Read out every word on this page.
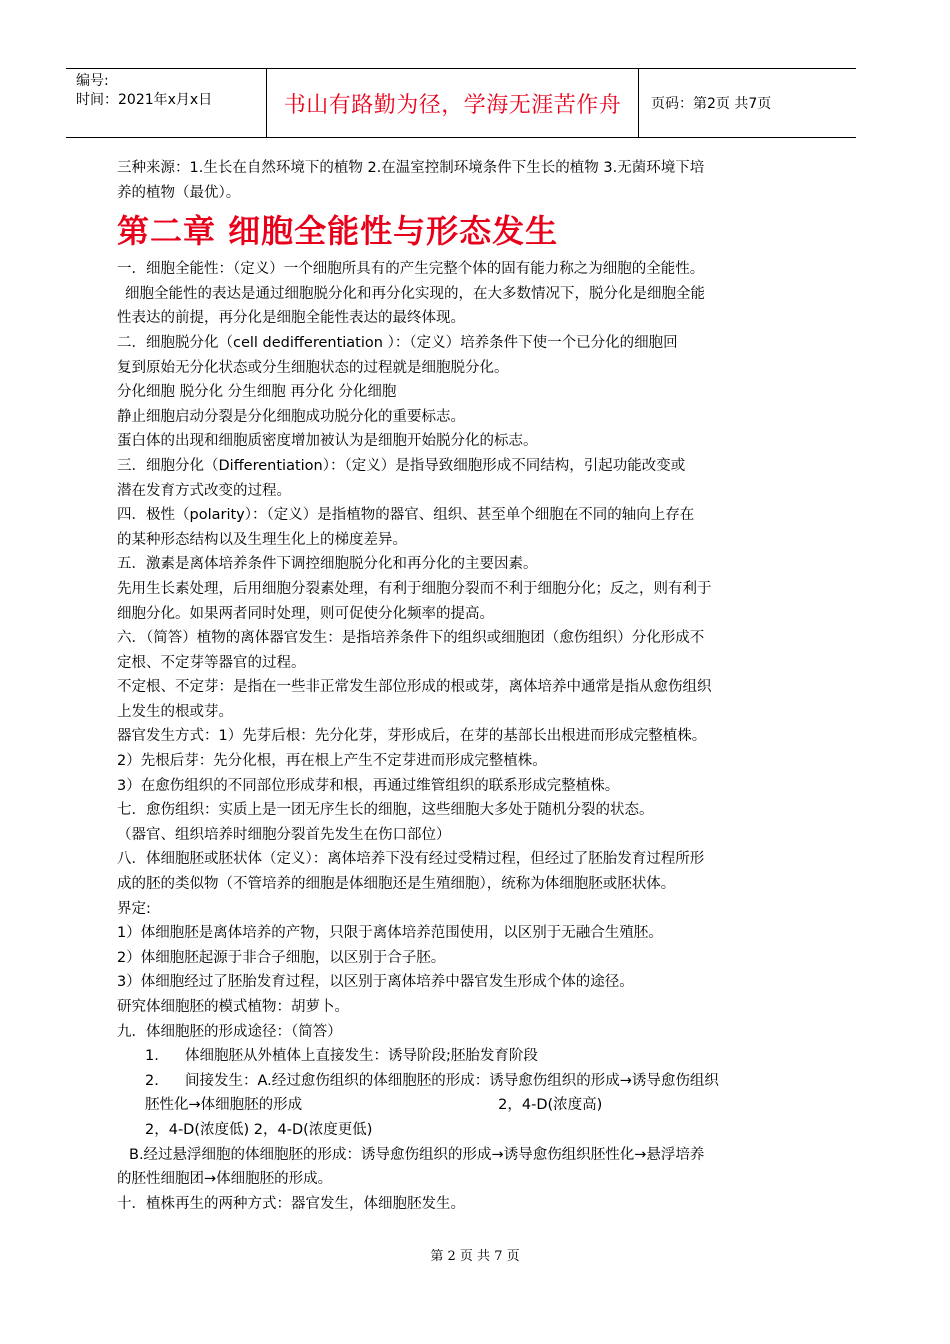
编号:
时间：2021年x月x日	书山有路勤为径，学海无涯苦作舟	页码：第2页 共7页

三种来源：1.生长在自然环境下的植物 2.在温室控制环境条件下生长的植物 3.无菌环境下培

养的植物（最优）。

第二章 细胞全能性与形态发生

一．细胞全能性：（定义）一个细胞所具有的产生完整个体的固有能力称之为细胞的全能性。

细胞全能性的表达是通过细胞脱分化和再分化实现的，在大多数情况下，脱分化是细胞全能

性表达的前提，再分化是细胞全能性表达的最终体现。

二．细胞脱分化（cell dedifferentiation ）：（定义）培养条件下使一个已分化的细胞回

复到原始无分化状态或分生细胞状态的过程就是细胞脱分化。

分化细胞 脱分化 分生细胞 再分化 分化细胞

静止细胞启动分裂是分化细胞成功脱分化的重要标志。

蛋白体的出现和细胞质密度增加被认为是细胞开始脱分化的标志。

三．细胞分化（Differentiation）：（定义）是指导致细胞形成不同结构，引起功能改变或

潜在发育方式改变的过程。

四．极性（polarity）：（定义）是指植物的器官、组织、甚至单个细胞在不同的轴向上存在

的某种形态结构以及生理生化上的梯度差异。

五．激素是离体培养条件下调控细胞脱分化和再分化的主要因素。

先用生长素处理，后用细胞分裂素处理，有利于细胞分裂而不利于细胞分化；反之，则有利于

细胞分化。如果两者同时处理，则可促使分化频率的提高。

六．（简答）植物的离体器官发生：是指培养条件下的组织或细胞团（愈伤组织）分化形成不

定根、不定芽等器官的过程。

不定根、不定芽：是指在一些非正常发生部位形成的根或芽，离体培养中通常是指从愈伤组织

上发生的根或芽。

器官发生方式：1）先芽后根：先分化芽，芽形成后，在芽的基部长出根进而形成完整植株。

2）先根后芽：先分化根，再在根上产生不定芽进而形成完整植株。

3）在愈伤组织的不同部位形成芽和根，再通过维管组织的联系形成完整植株。

七．愈伤组织：实质上是一团无序生长的细胞，这些细胞大多处于随机分裂的状态。

（器官、组织培养时细胞分裂首先发生在伤口部位）

八．体细胞胚或胚状体（定义）：离体培养下没有经过受精过程，但经过了胚胎发育过程所形

成的胚的类似物（不管培养的细胞是体细胞还是生殖细胞），统称为体细胞胚或胚状体。

界定:

1）体细胞胚是离体培养的产物，只限于离体培养范围使用，以区别于无融合生殖胚。

2）体细胞胚起源于非合子细胞，以区别于合子胚。

3）体细胞经过了胚胎发育过程，以区别于离体培养中器官发生形成个体的途径。

研究体细胞胚的模式植物：胡萝卜。

九．体细胞胚的形成途径：（简答）

1. 体细胞胚从外植体上直接发生：诱导阶段;胚胎发育阶段

2. 间接发生：A.经过愈伤组织的体细胞胚的形成：诱导愈伤组织的形成→诱导愈伤组织

胚性化→体细胞胚的形成	2，4-D(浓度高)

2，4-D(浓度低) 2，4-D(浓度更低)

B.经过悬浮细胞的体细胞胚的形成：诱导愈伤组织的形成→诱导愈伤组织胚性化→悬浮培养

的胚性细胞团→体细胞胚的形成。

十．植株再生的两种方式：器官发生，体细胞胚发生。

第 2 页 共 7 页
